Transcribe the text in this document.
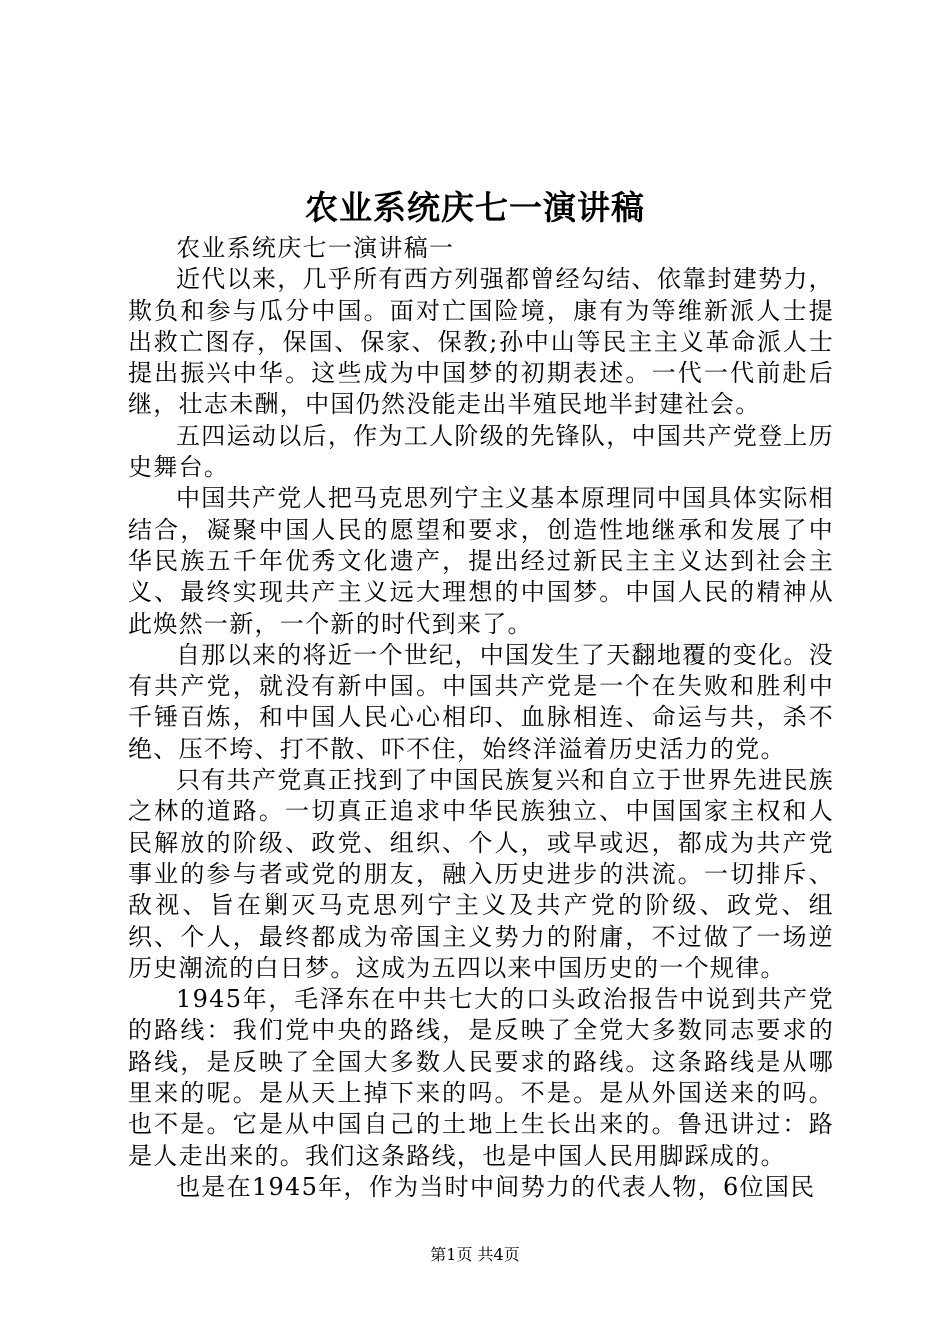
农业系统庆七一演讲稿

农业系统庆七一演讲稿一

近代以来，几乎所有西方列强都曾经勾结、依靠封建势力，欺负和参与瓜分中国。面对亡国险境，康有为等维新派人士提出救亡图存，保国、保家、保教;孙中山等民主主义革命派人士提出振兴中华。这些成为中国梦的初期表述。一代一代前赴后继，壮志未酬，中国仍然没能走出半殖民地半封建社会。

五四运动以后，作为工人阶级的先锋队，中国共产党登上历史舞台。

中国共产党人把马克思列宁主义基本原理同中国具体实际相结合，凝聚中国人民的愿望和要求，创造性地继承和发展了中华民族五千年优秀文化遗产，提出经过新民主主义达到社会主义、最终实现共产主义远大理想的中国梦。中国人民的精神从此焕然一新，一个新的时代到来了。

自那以来的将近一个世纪，中国发生了天翻地覆的变化。没有共产党，就没有新中国。中国共产党是一个在失败和胜利中千锤百炼，和中国人民心心相印、血脉相连、命运与共，杀不绝、压不垮、打不散、吓不住，始终洋溢着历史活力的党。

只有共产党真正找到了中国民族复兴和自立于世界先进民族之林的道路。一切真正追求中华民族独立、中国国家主权和人民解放的阶级、政党、组织、个人，或早或迟，都成为共产党事业的参与者或党的朋友，融入历史进步的洪流。一切排斥、敌视、旨在剿灭马克思列宁主义及共产党的阶级、政党、组织、个人，最终都成为帝国主义势力的附庸，不过做了一场逆历史潮流的白日梦。这成为五四以来中国历史的一个规律。

1945年，毛泽东在中共七大的口头政治报告中说到共产党的路线：我们党中央的路线，是反映了全党大多数同志要求的路线，是反映了全国大多数人民要求的路线。这条路线是从哪里来的呢。是从天上掉下来的吗。不是。是从外国送来的吗。也不是。它是从中国自己的土地上生长出来的。鲁迅讲过：路是人走出来的。我们这条路线，也是中国人民用脚踩成的。

也是在1945年，作为当时中间势力的代表人物，6位国民

第1页 共4页
